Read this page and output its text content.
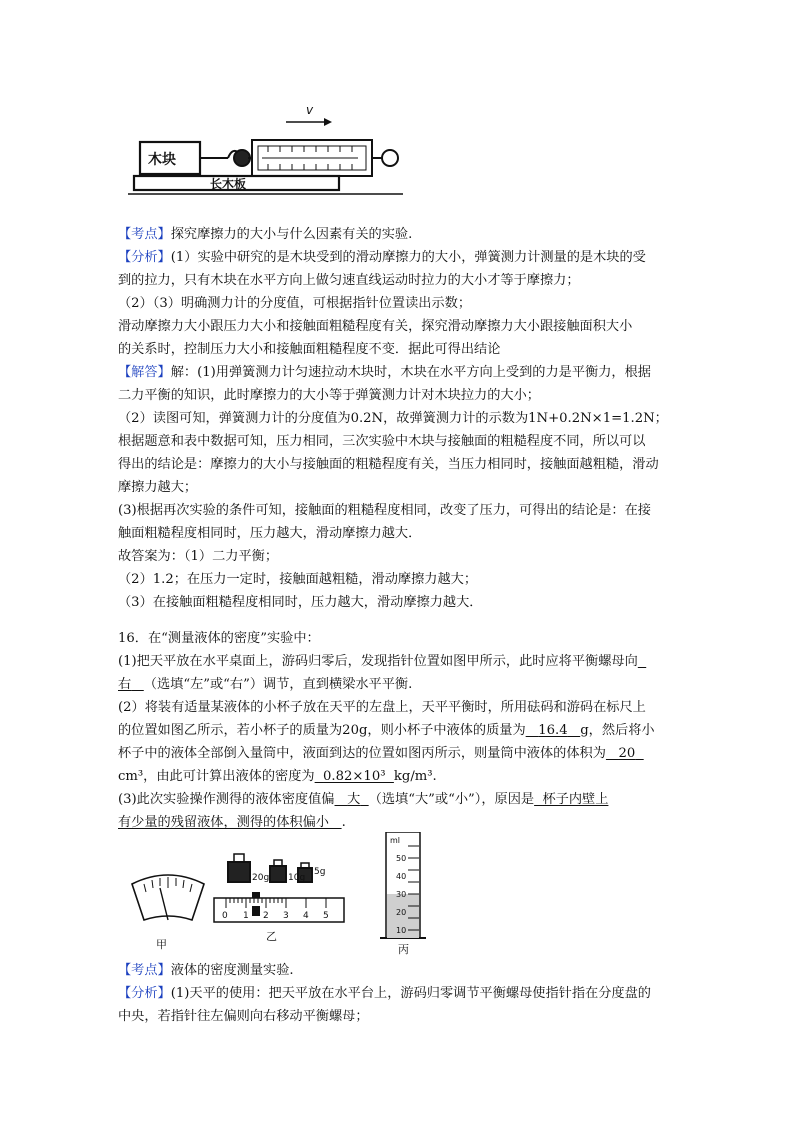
v
木块
长木板
【考点】探究摩擦力的大小与什么因素有关的实验.
【分析】(1）实验中研究的是木块受到的滑动摩擦力的大小，弹簧测力计测量的是木块的受
到的拉力，只有木块在水平方向上做匀速直线运动时拉力的大小才等于摩擦力；
（2）（3）明确测力计的分度值，可根据指针位置读出示数；
滑动摩擦力大小跟压力大小和接触面粗糙程度有关，探究滑动摩擦力大小跟接触面积大小
的关系时，控制压力大小和接触面粗糙程度不变．据此可得出结论
【解答】解：(1)用弹簧测力计匀速拉动木块时，木块在水平方向上受到的力是平衡力，根据
二力平衡的知识，此时摩擦力的大小等于弹簧测力计对木块拉力的大小；
（2）读图可知，弹簧测力计的分度值为0.2N，故弹簧测力计的示数为1N+0.2N×1=1.2N；
根据题意和表中数据可知，压力相同，三次实验中木块与接触面的粗糙程度不同，所以可以
得出的结论是：摩擦力的大小与接触面的粗糙程度有关，当压力相同时，接触面越粗糙，滑动
摩擦力越大；
(3)根据再次实验的条件可知，接触面的粗糙程度相同，改变了压力，可得出的结论是：在接
触面粗糙程度相同时，压力越大，滑动摩擦力越大．
故答案为：（1）二力平衡；
（2）1.2；在压力一定时，接触面越粗糙，滑动摩擦力越大；
（3）在接触面粗糙程度相同时，压力越大，滑动摩擦力越大．
16．在“测量液体的密度”实验中：
(1)把天平放在水平桌面上，游码归零后，发现指针位置如图甲所示，此时应将平衡螺母向
右 （选填“左”或“右”）调节，直到横梁水平平衡.
(2）将装有适量某液体的小杯子放在天平的左盘上，天平平衡时，所用砝码和游码在标尺上
的位置如图乙所示，若小杯子的质量为20g，则小杯子中液体的质量为 16.4 g，然后将小
杯子中的液体全部倒入量筒中，液面到达的位置如图丙所示，则量筒中液体的体积为 20
cm³，由此可计算出液体的密度为 0.82×10³ kg/m³.
(3)此次实验操作测得的液体密度值偏 大 （选填“大”或“小”），原因是 杯子内壁上
有少量的残留液体，测得的体积偏小 .
20g 10g
5g
0 1 2 3 4 5
ml
50
40
30
20
10
甲
乙
丙
【考点】液体的密度测量实验.
【分析】(1)天平的使用：把天平放在水平台上，游码归零调节平衡螺母使指针指在分度盘的
中央，若指针往左偏则向右移动平衡螺母；
